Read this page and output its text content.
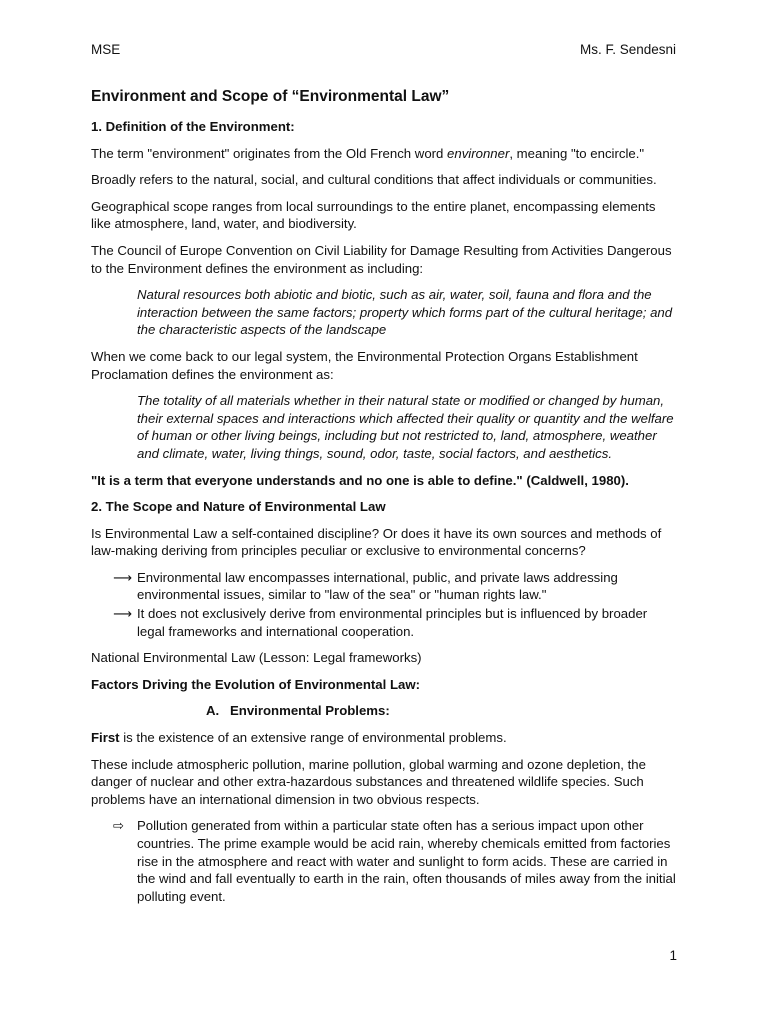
MSE	Ms. F. Sendesni
Environment and Scope of “Environmental Law”

1. Definition of the Environment:

The term "environment" originates from the Old French word environner, meaning "to encircle."

Broadly refers to the natural, social, and cultural conditions that affect individuals or communities.

Geographical scope ranges from local surroundings to the entire planet, encompassing elements like atmosphere, land, water, and biodiversity.

The Council of Europe Convention on Civil Liability for Damage Resulting from Activities Dangerous to the Environment defines the environment as including:

Natural resources both abiotic and biotic, such as air, water, soil, fauna and flora and the interaction between the same factors; property which forms part of the cultural heritage; and the characteristic aspects of the landscape

When we come back to our legal system, the Environmental Protection Organs Establishment Proclamation defines the environment as:

The totality of all materials whether in their natural state or modified or changed by human, their external spaces and interactions which affected their quality or quantity and the welfare of human or other living beings, including but not restricted to, land, atmosphere, weather and climate, water, living things, sound, odor, taste, social factors, and aesthetics.

"It is a term that everyone understands and no one is able to define." (Caldwell, 1980).

2. The Scope and Nature of Environmental Law

Is Environmental Law a self-contained discipline? Or does it have its own sources and methods of law-making deriving from principles peculiar or exclusive to environmental concerns?

⟶ Environmental law encompasses international, public, and private laws addressing environmental issues, similar to "law of the sea" or "human rights law."
⟶ It does not exclusively derive from environmental principles but is influenced by broader legal frameworks and international cooperation.

National Environmental Law (Lesson: Legal frameworks)

Factors Driving the Evolution of Environmental Law:

A. Environmental Problems:

First is the existence of an extensive range of environmental problems.

These include atmospheric pollution, marine pollution, global warming and ozone depletion, the danger of nuclear and other extra-hazardous substances and threatened wildlife species. Such problems have an international dimension in two obvious respects.

⇨ Pollution generated from within a particular state often has a serious impact upon other countries. The prime example would be acid rain, whereby chemicals emitted from factories rise in the atmosphere and react with water and sunlight to form acids. These are carried in the wind and fall eventually to earth in the rain, often thousands of miles away from the initial polluting event.
1
